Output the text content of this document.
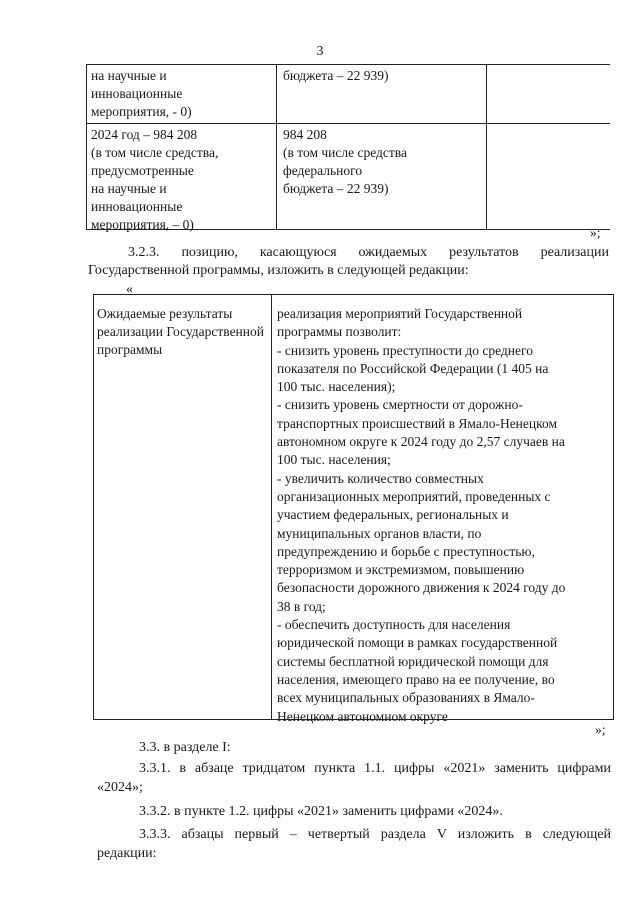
3
на научные и
инновационные
мероприятия, - 0)
бюджета – 22 939)
2024 год – 984 208
(в том числе средства,
предусмотренные
на научные и
инновационные
мероприятия, – 0)
984 208
(в том числе средства
федерального
бюджета – 22 939)
»;
3.2.3. позицию, касающуюся ожидаемых результатов реализации
Государственной программы, изложить в следующей редакции:
«
Ожидаемые результаты реализации Государственной программы
реализация мероприятий Государственной
программы позволит:
- снизить уровень преступности до среднего
показателя по Российской Федерации (1 405 на
100 тыс. населения);
- снизить уровень смертности от дорожно-
транспортных происшествий в Ямало-Ненецком
автономном округе к 2024 году до 2,57 случаев на
100 тыс. населения;
- увеличить количество совместных
организационных мероприятий, проведенных с
участием федеральных, региональных и
муниципальных органов власти, по
предупреждению и борьбе с преступностью,
терроризмом и экстремизмом, повышению
безопасности дорожного движения к 2024 году до
38 в год;
- обеспечить доступность для населения
юридической помощи в рамках государственной
системы бесплатной юридической помощи для
населения, имеющего право на ее получение, во
всех муниципальных образованиях в Ямало-
Ненецком автономном округе
»;
3.3. в разделе I:
3.3.1. в абзаце тридцатом пункта 1.1. цифры «2021» заменить цифрами
«2024»;
3.3.2. в пункте 1.2. цифры «2021» заменить цифрами «2024».
3.3.3. абзацы первый – четвертый раздела V изложить в следующей
редакции:
